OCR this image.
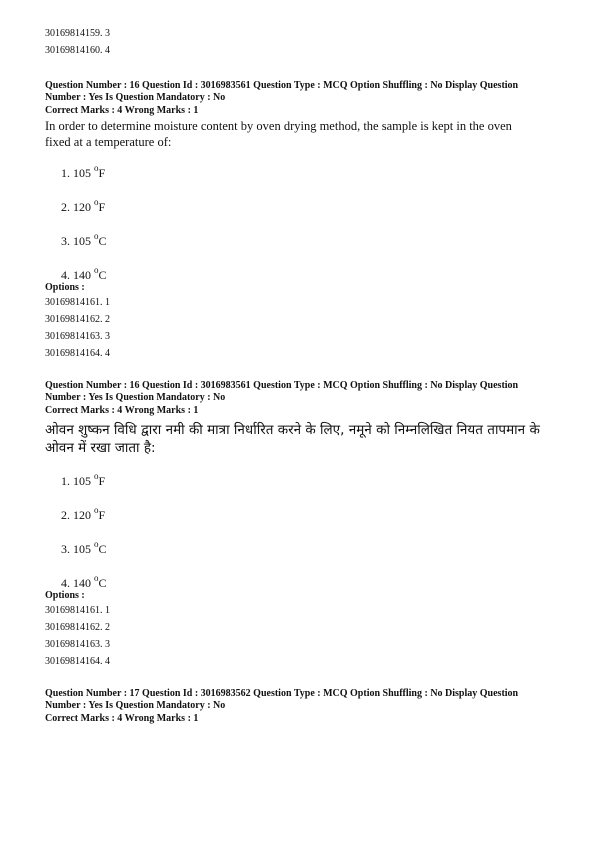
30169814159. 3
30169814160. 4
Question Number : 16 Question Id : 3016983561 Question Type : MCQ Option Shuffling : No Display Question
Number : Yes Is Question Mandatory : No
Correct Marks : 4 Wrong Marks : 1
In order to determine moisture content by oven drying method, the sample is kept in the oven
fixed at a temperature of:
1. 105 $^o$F
2. 120 $^o$F
3. 105 $^o$C
4. 140 $^o$C
Options :
30169814161. 1
30169814162. 2
30169814163. 3
30169814164. 4
Question Number : 16 Question Id : 3016983561 Question Type : MCQ Option Shuffling : No Display Question
Number : Yes Is Question Mandatory : No
Correct Marks : 4 Wrong Marks : 1
ओवन शुष्कन विधि द्वारा नमी की मात्रा निर्धारित करने के लिए, नमूने को निम्नलिखित नियत तापमान के
ओवन में रखा जाता है:
1. 105 $^o$F
2. 120 $^o$F
3. 105 $^o$C
4. 140 $^o$C
Options :
30169814161. 1
30169814162. 2
30169814163. 3
30169814164. 4
Question Number : 17 Question Id : 3016983562 Question Type : MCQ Option Shuffling : No Display Question
Number : Yes Is Question Mandatory : No
Correct Marks : 4 Wrong Marks : 1
